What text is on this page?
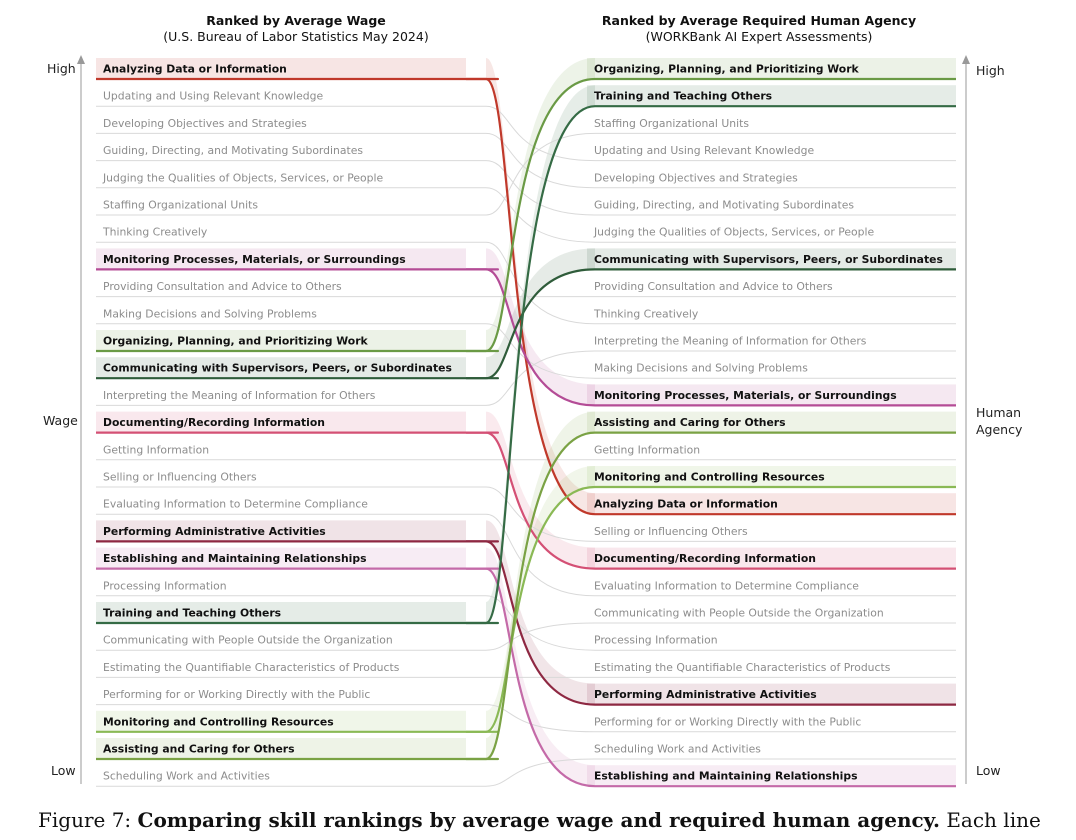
Ranked by Average Wage
(U.S. Bureau of Labor Statistics May 2024)
Ranked by Average Required Human Agency
(WORKBank AI Expert Assessments)
High
Wage
Low
High
Human
Agency
Low
Analyzing Data or Information
Updating and Using Relevant Knowledge
Developing Objectives and Strategies
Guiding, Directing, and Motivating Subordinates
Judging the Qualities of Objects, Services, or People
Staffing Organizational Units
Thinking Creatively
Monitoring Processes, Materials, or Surroundings
Providing Consultation and Advice to Others
Making Decisions and Solving Problems
Organizing, Planning, and Prioritizing Work
Communicating with Supervisors, Peers, or Subordinates
Interpreting the Meaning of Information for Others
Documenting/Recording Information
Getting Information
Selling or Influencing Others
Evaluating Information to Determine Compliance
Performing Administrative Activities
Establishing and Maintaining Relationships
Processing Information
Training and Teaching Others
Communicating with People Outside the Organization
Estimating the Quantifiable Characteristics of Products
Performing for or Working Directly with the Public
Monitoring and Controlling Resources
Assisting and Caring for Others
Scheduling Work and Activities
Organizing, Planning, and Prioritizing Work
Training and Teaching Others
Staffing Organizational Units
Updating and Using Relevant Knowledge
Developing Objectives and Strategies
Guiding, Directing, and Motivating Subordinates
Judging the Qualities of Objects, Services, or People
Communicating with Supervisors, Peers, or Subordinates
Providing Consultation and Advice to Others
Thinking Creatively
Interpreting the Meaning of Information for Others
Making Decisions and Solving Problems
Monitoring Processes, Materials, or Surroundings
Assisting and Caring for Others
Getting Information
Monitoring and Controlling Resources
Analyzing Data or Information
Selling or Influencing Others
Documenting/Recording Information
Evaluating Information to Determine Compliance
Communicating with People Outside the Organization
Processing Information
Estimating the Quantifiable Characteristics of Products
Performing Administrative Activities
Performing for or Working Directly with the Public
Scheduling Work and Activities
Establishing and Maintaining Relationships
Figure 7: Comparing skill rankings by average wage and required human agency. Each line
